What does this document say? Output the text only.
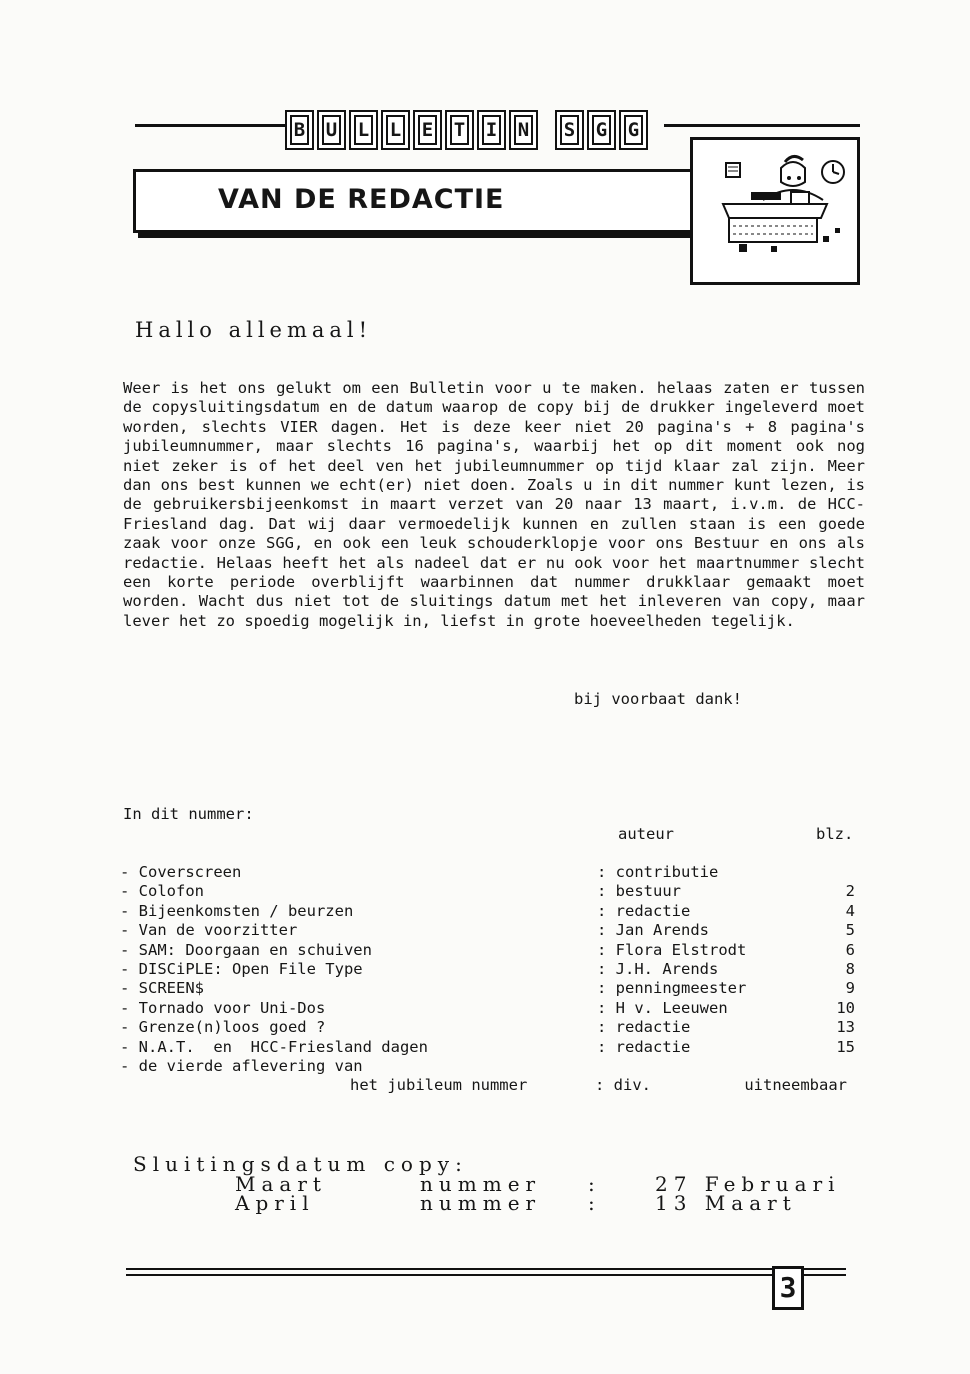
B U L L E T I N S G G
VAN DE REDACTIE
Hallo allemaal!

Weer is het ons gelukt om een Bulletin voor u te maken. helaas zaten er tussen de copysluitingsdatum en de datum waarop de copy bij de drukker ingeleverd moet worden, slechts VIER dagen. Het is deze keer niet 20 pagina's + 8 pagina's jubileumnummer, maar slechts 16 pagina's, waarbij het op dit moment ook nog niet zeker is of het deel ven het jubileumnummer op tijd klaar zal zijn. Meer dan ons best kunnen we echt(er) niet doen. Zoals u in dit nummer kunt lezen, is de gebruikersbijeenkomst in maart verzet van 20 naar 13 maart, i.v.m. de HCC-Friesland dag. Dat wij daar vermoedelijk kunnen en zullen staan is een goede zaak voor onze SGG, en ook een leuk schouderklopje voor ons Bestuur en ons als redactie. Helaas heeft het als nadeel dat er nu ook voor het maartnummer slecht een korte periode overblijft waarbinnen dat nummer drukklaar gemaakt moet worden. Wacht dus niet tot de sluitings datum met het inleveren van copy, maar lever het zo spoedig mogelijk in, liefst in grote hoeveelheden tegelijk.

bij voorbaat dank!
In dit nummer:
auteur	blz.
- Coverscreen	: contributie
- Colofon	: bestuur	2
- Bijeenkomsten / beurzen	: redactie	4
- Van de voorzitter	: Jan Arends	5
- SAM: Doorgaan en schuiven	: Flora Elstrodt	6
- DISCiPLE: Open File Type	: J.H. Arends	8
- SCREEN$	: penningmeester	9
- Tornado voor Uni-Dos	: H v. Leeuwen	10
- Grenze(n)loos goed ?	: redactie	13
- N.A.T.  en  HCC-Friesland dagen	: redactie	15
- de vierde aflevering van
het jubileum nummer	: div.	uitneembaar
Sluitingsdatum copy:
Maart	nummer :	27 Februari
April	nummer :	13 Maart
3
